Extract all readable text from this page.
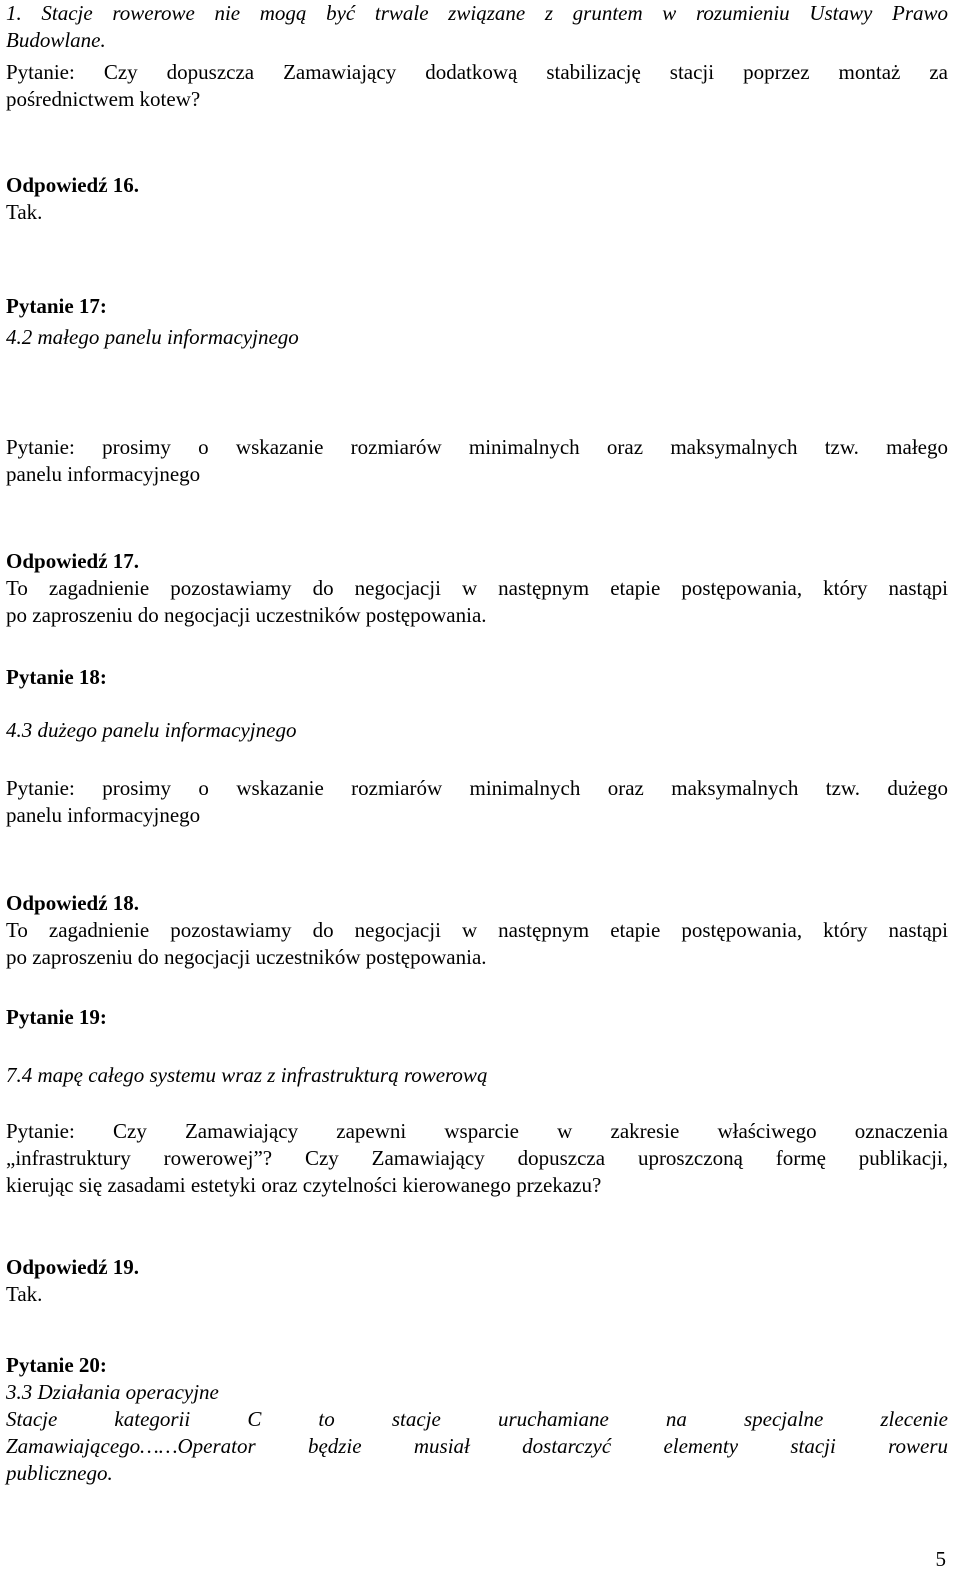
1. Stacje rowerowe nie mogą być trwale związane z gruntem w rozumieniu Ustawy Prawo
Budowlane.

Pytanie: Czy dopuszcza Zamawiający dodatkową stabilizację stacji poprzez montaż za
pośrednictwem kotew?

Odpowiedź 16.
Tak.

Pytanie 17:

4.2 małego panelu informacyjnego

Pytanie: prosimy o wskazanie rozmiarów minimalnych oraz maksymalnych tzw. małego
panelu informacyjnego

Odpowiedź 17.
To zagadnienie pozostawiamy do negocjacji w następnym etapie postępowania, który nastąpi
po zaproszeniu do negocjacji uczestników postępowania.

Pytanie 18:

4.3 dużego panelu informacyjnego

Pytanie: prosimy o wskazanie rozmiarów minimalnych oraz maksymalnych tzw. dużego
panelu informacyjnego

Odpowiedź 18.
To zagadnienie pozostawiamy do negocjacji w następnym etapie postępowania, który nastąpi
po zaproszeniu do negocjacji uczestników postępowania.

Pytanie 19:

7.4 mapę całego systemu wraz z infrastrukturą rowerową

Pytanie: Czy Zamawiający zapewni wsparcie w zakresie właściwego oznaczenia
„infrastruktury rowerowej”? Czy Zamawiający dopuszcza uproszczoną formę publikacji,
kierując się zasadami estetyki oraz czytelności kierowanego przekazu?

Odpowiedź 19.
Tak.

Pytanie 20:

3.3 Działania operacyjne
Stacje kategorii C to stacje uruchamiane na specjalne zlecenie
Zamawiającego……Operator będzie musiał dostarczyć elementy stacji roweru
publicznego.

5
